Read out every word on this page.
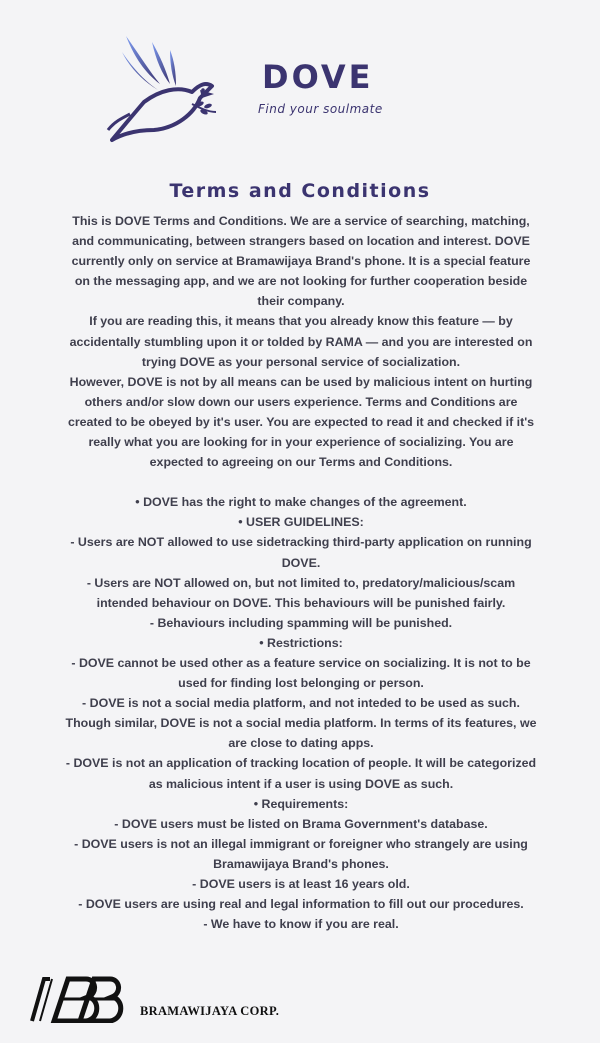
DOVE
Find your soulmate
Terms and Conditions

This is DOVE Terms and Conditions. We are a service of searching, matching, and communicating, between strangers based on location and interest. DOVE currently only on service at Bramawijaya Brand's phone. It is a special feature on the messaging app, and we are not looking for further cooperation beside their company.

If you are reading this, it means that you already know this feature — by accidentally stumbling upon it or tolded by RAMA — and you are interested on trying DOVE as your personal service of socialization.

However, DOVE is not by all means can be used by malicious intent on hurting others and/or slow down our users experience. Terms and Conditions are created to be obeyed by it's user. You are expected to read it and checked if it's really what you are looking for in your experience of socializing. You are expected to agreeing on our Terms and Conditions.

• DOVE has the right to make changes of the agreement.

• USER GUIDELINES:

- Users are NOT allowed to use sidetracking third-party application on running DOVE.

- Users are NOT allowed on, but not limited to, predatory/malicious/scam intended behaviour on DOVE. This behaviours will be punished fairly.

- Behaviours including spamming will be punished.

• Restrictions:

- DOVE cannot be used other as a feature service on socializing. It is not to be used for finding lost belonging or person.

- DOVE is not a social media platform, and not inteded to be used as such. Though similar, DOVE is not a social media platform. In terms of its features, we are close to dating apps.

- DOVE is not an application of tracking location of people. It will be categorized as malicious intent if a user is using DOVE as such.

• Requirements:

- DOVE users must be listed on Brama Government's database.

- DOVE users is not an illegal immigrant or foreigner who strangely are using Bramawijaya Brand's phones.

- DOVE users is at least 16 years old.

- DOVE users are using real and legal information to fill out our procedures.

- We have to know if you are real.

BRAMAWIJAYA CORP.
